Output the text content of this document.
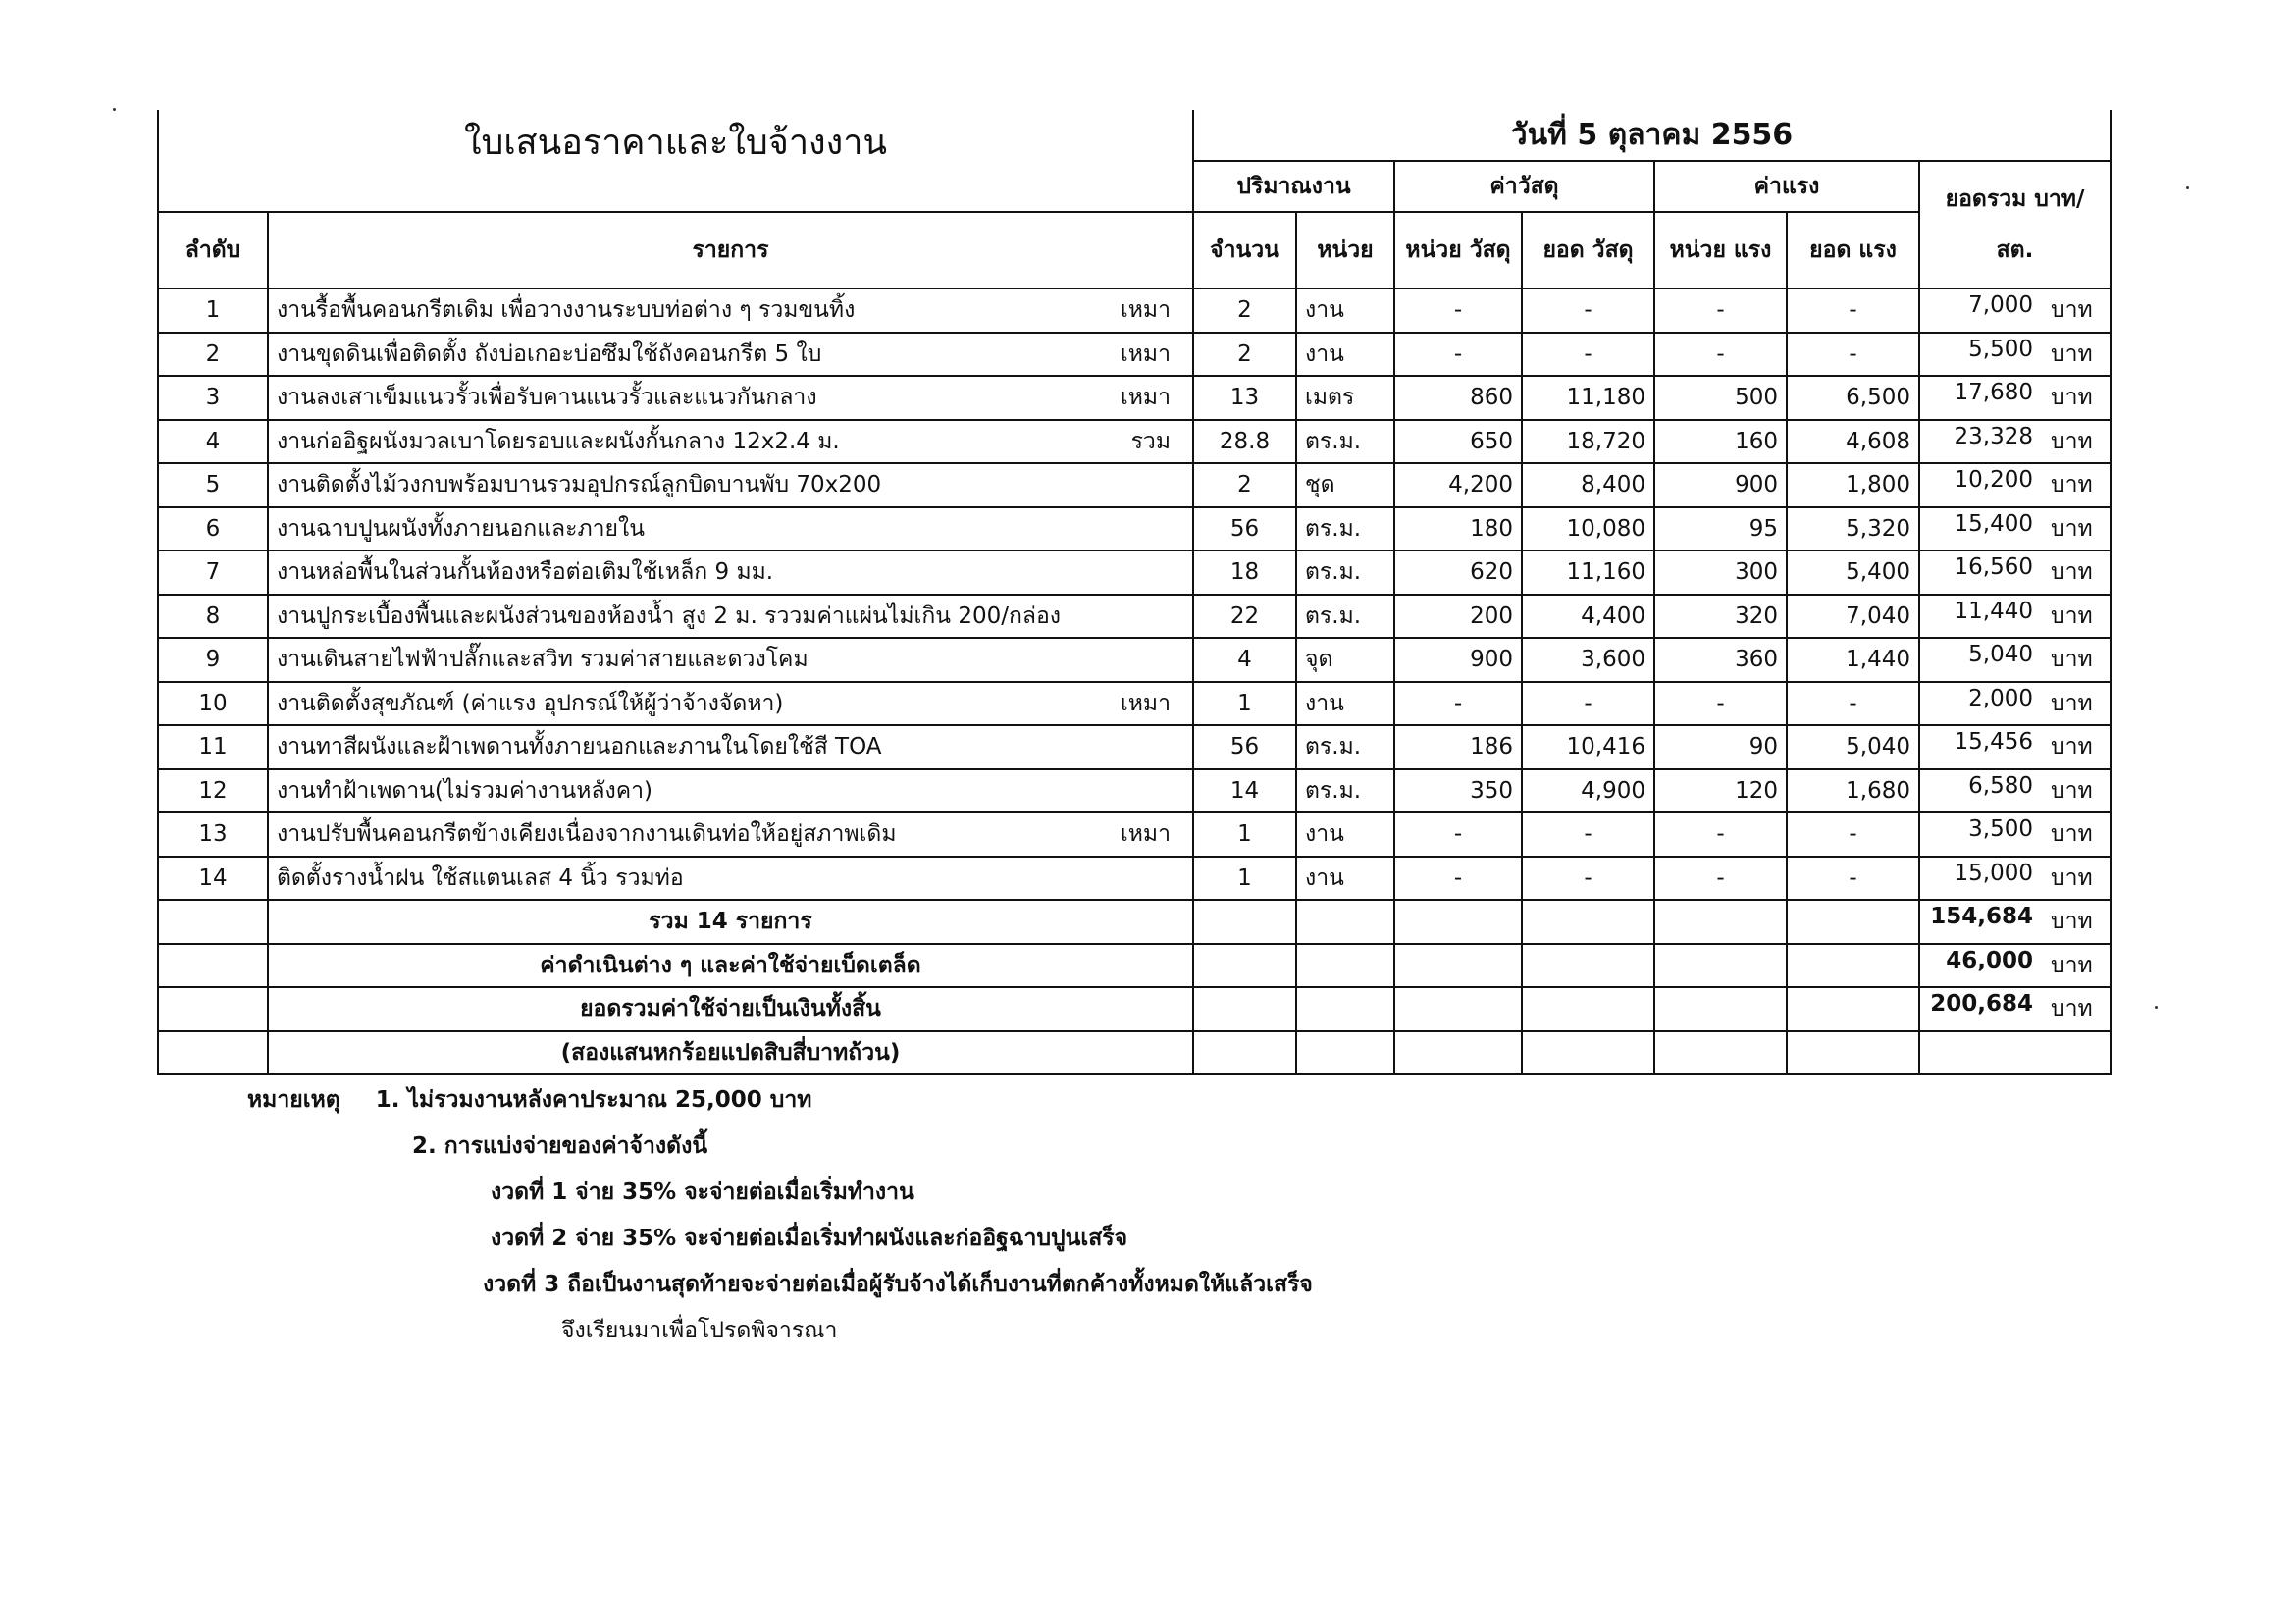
ใบเสนอราคาและใบจ้างงาน		วันที่ 5 ตุลาคม 2556						
		ปริมาณงาน		ค่าวัสดุ		ค่าแรง		ยอดรวม บาท/ สต.

ลำดับ	รายการ	จำนวน	หน่วย	หน่วย วัสดุ	ยอด วัสดุ	หน่วย แรง	ยอด แรง	
1	งานรื้อพื้นคอนกรีตเดิม เพื่อวางงานระบบท่อต่าง ๆ รวมขนทิ้ง เหมา	2	งาน	-	-	-	-	7,000 บาท

2	งานขุดดินเพื่อติดตั้ง ถังบ่อเกอะบ่อซึมใช้ถังคอนกรีต 5 ใบ เหมา	2	งาน	-	-	-	-	5,500 บาท

3	งานลงเสาเข็มแนวรั้วเพื่อรับคานแนวรั้วและแนวกันกลาง เหมา	13	เมตร	860	11,180	500	6,500	17,680 บาท

4	งานก่ออิฐผนังมวลเบาโดยรอบและผนังกั้นกลาง 12x2.4 ม. รวม	28.8	ตร.ม.	650	18,720	160	4,608	23,328 บาท

5	งานติดตั้งไม้วงกบพร้อมบานรวมอุปกรณ์ลูกบิดบานพับ 70x200	2	ชุด	4,200	8,400	900	1,800	10,200 บาท

6	งานฉาบปูนผนังทั้งภายนอกและภายใน	56	ตร.ม.	180	10,080	95	5,320	15,400 บาท

7	งานหล่อพื้นในส่วนกั้นห้องหรือต่อเติมใช้เหล็ก 9 มม.	18	ตร.ม.	620	11,160	300	5,400	16,560 บาท

8	งานปูกระเบื้องพื้นและผนังส่วนของห้องน้ำ สูง 2 ม. รววมค่าแผ่นไม่เกิน 200/กล่อง	22	ตร.ม.	200	4,400	320	7,040	11,440 บาท

9	งานเดินสายไฟฟ้าปลั๊กและสวิท รวมค่าสายและดวงโคม	4	จุด	900	3,600	360	1,440	5,040 บาท

10	งานติดตั้งสุขภัณฑ์ (ค่าแรง อุปกรณ์ให้ผู้ว่าจ้างจัดหา) เหมา	1	งาน	-	-	-	-	2,000 บาท

11	งานทาสีผนังและฝ้าเพดานทั้งภายนอกและภานในโดยใช้สี TOA	56	ตร.ม.	186	10,416	90	5,040	15,456 บาท

12	งานทำฝ้าเพดาน(ไม่รวมค่างานหลังคา)	14	ตร.ม.	350	4,900	120	1,680	6,580 บาท

13	งานปรับพื้นคอนกรีตข้างเคียงเนื่องจากงานเดินท่อให้อยู่สภาพเดิม เหมา	1	งาน	-	-	-	-	3,500 บาท

14	ติดตั้งรางน้ำฝน ใช้สแตนเลส 4 นิ้ว รวมท่อ	1	งาน	-	-	-	-	15,000 บาท

	รวม 14 รายการ							154,684 บาท

	ค่าดำเนินต่าง ๆ และค่าใช้จ่ายเบ็ดเตล็ด							46,000 บาท

	ยอดรวมค่าใช้จ่ายเป็นเงินทั้งสิ้น							200,684 บาท

	(สองแสนหกร้อยแปดสิบสี่บาทถ้วน)							
หมายเหตุ 1. ไม่รวมงานหลังคาประมาณ 25,000 บาท
2. การแบ่งจ่ายของค่าจ้างดังนี้
งวดที่ 1 จ่าย 35% จะจ่ายต่อเมื่อเริ่มทำงาน
งวดที่ 2 จ่าย 35% จะจ่ายต่อเมื่อเริ่มทำผนังและก่ออิฐฉาบปูนเสร็จ
งวดที่ 3 ถือเป็นงานสุดท้ายจะจ่ายต่อเมื่อผู้รับจ้างได้เก็บงานที่ตกค้างทั้งหมดให้แล้วเสร็จ
จึงเรียนมาเพื่อโปรดพิจารณา
